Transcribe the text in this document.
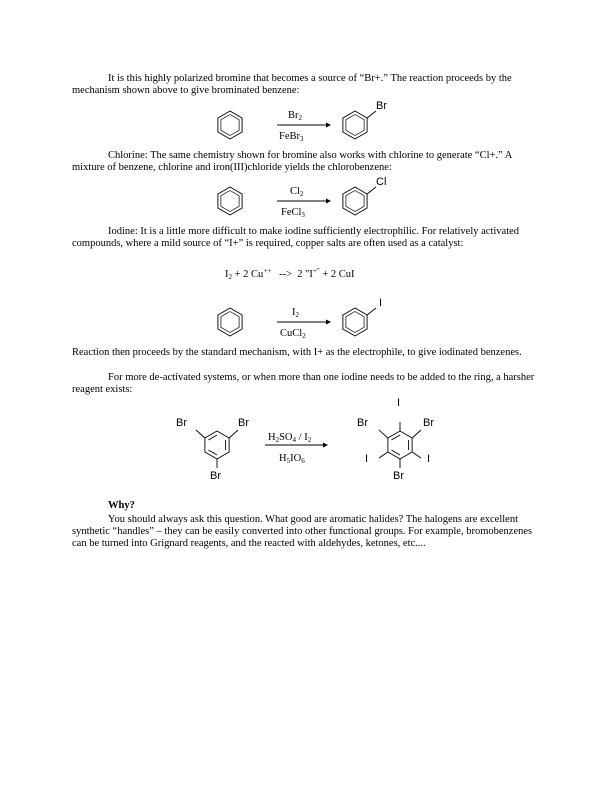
It is this highly polarized bromine that becomes a source of “Br+.” The reaction proceeds by the mechanism shown above to give brominated benzene:
Br
$Br_2$
FeBr$_3$
Chlorine: The same chemistry shown for bromine also works with chlorine to generate “Cl+.” A mixture of benzene, chlorine and iron(III)chloride yields the chlorobenzene:
Cl
$Cl_2$
FeCl$_3$
Iodine: It is a little more difficult to make iodine sufficiently electrophilic. For relatively activated compounds, where a mild source of “I+” is required, copper salts are often used as a catalyst:
$I_2 + 2$ Cu++ --> 2 "I+" + 2 CuI
I
$I_2$
CuCl$_2$
Reaction then proceeds by the standard mechanism, with I+ as the electrophile, to give iodinated benzenes.
For more de-activated systems, or when more than one iodine needs to be added to the ring, a harsher reagent exists:
Br	Br
Br
$H_2SO_4 / I_2$
$H_5IO_6$
I
Br	Br
I	I
Br
Why?
You should always ask this question. What good are aromatic halides? The halogens are excellent synthetic “handles” – they can be easily converted into other functional groups. For example, bromobenzenes can be turned into Grignard reagents, and the reacted with aldehydes, ketones, etc....
